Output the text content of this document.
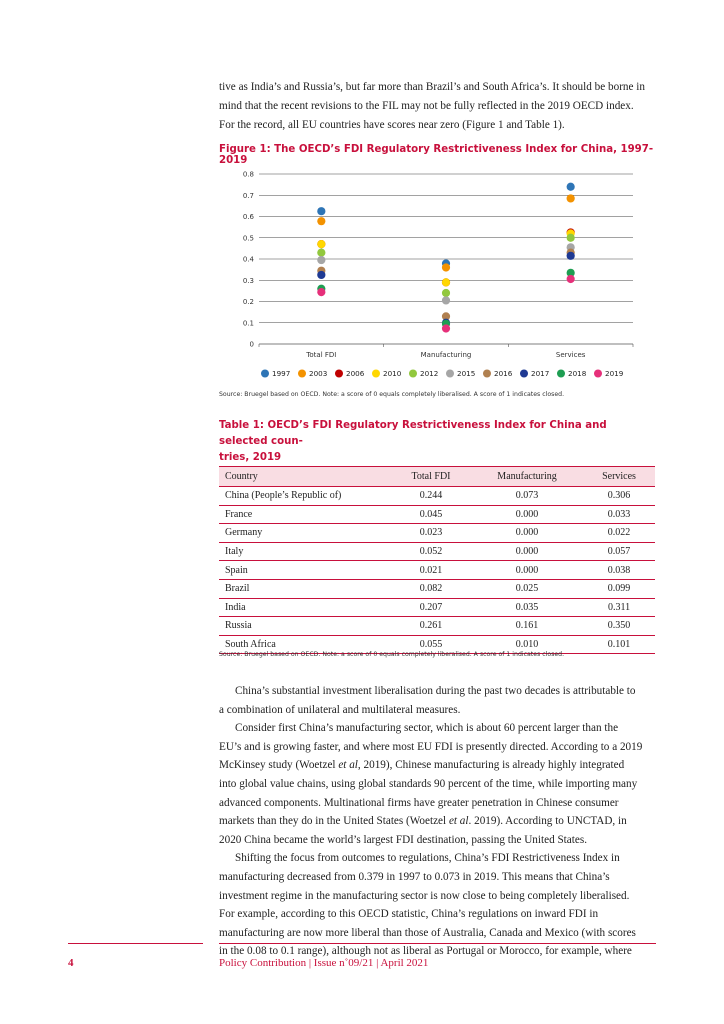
tive as India’s and Russia’s, but far more than Brazil’s and South Africa’s. It should be borne in

mind that the recent revisions to the FIL may not be fully reflected in the 2019 OECD index.

For the record, all EU countries have scores near zero (Figure 1 and Table 1).

Figure 1: The OECD’s FDI Regulatory Restrictiveness Index for China, 1997-2019
0
0.1
0.2
0.3
0.4
0.5
0.6
0.7
0.8
Total FDI	Manufacturing	Services
1997	2003	2006	2010	2012	2015	2016	2017	2018	2019
Source: Bruegel based on OECD. Note: a score of 0 equals completely liberalised. A score of 1 indicates closed.
Table 1: OECD’s FDI Regulatory Restrictiveness Index for China and selected coun-
tries, 2019
Country	Total FDI	Manufacturing	Services
China (People’s Republic of)	0.244	0.073	0.306
France	0.045	0.000	0.033
Germany	0.023	0.000	0.022
Italy	0.052	0.000	0.057
Spain	0.021	0.000	0.038
Brazil	0.082	0.025	0.099
India	0.207	0.035	0.311
Russia	0.261	0.161	0.350
South Africa	0.055	0.010	0.101
Source: Bruegel based on OECD. Note: a score of 0 equals completely liberalised. A score of 1 indicates closed.

China’s substantial investment liberalisation during the past two decades is attributable to

a combination of unilateral and multilateral measures.

Consider first China’s manufacturing sector, which is about 60 percent larger than the

EU’s and is growing faster, and where most EU FDI is presently directed. According to a 2019

McKinsey study (Woetzel et al, 2019), Chinese manufacturing is already highly integrated

into global value chains, using global standards 90 percent of the time, while importing many

advanced components. Multinational firms have greater penetration in Chinese consumer

markets than they do in the United States (Woetzel et al. 2019). According to UNCTAD, in

2020 China became the world’s largest FDI destination, passing the United States.

Shifting the focus from outcomes to regulations, China’s FDI Restrictiveness Index in

manufacturing decreased from 0.379 in 1997 to 0.073 in 2019. This means that China’s

investment regime in the manufacturing sector is now close to being completely liberalised.

For example, according to this OECD statistic, China’s regulations on inward FDI in

manufacturing are now more liberal than those of Australia, Canada and Mexico (with scores

in the 0.08 to 0.1 range), although not as liberal as Portugal or Morocco, for example, where

4	Policy Contribution | Issue n˚09/21 | April 2021
